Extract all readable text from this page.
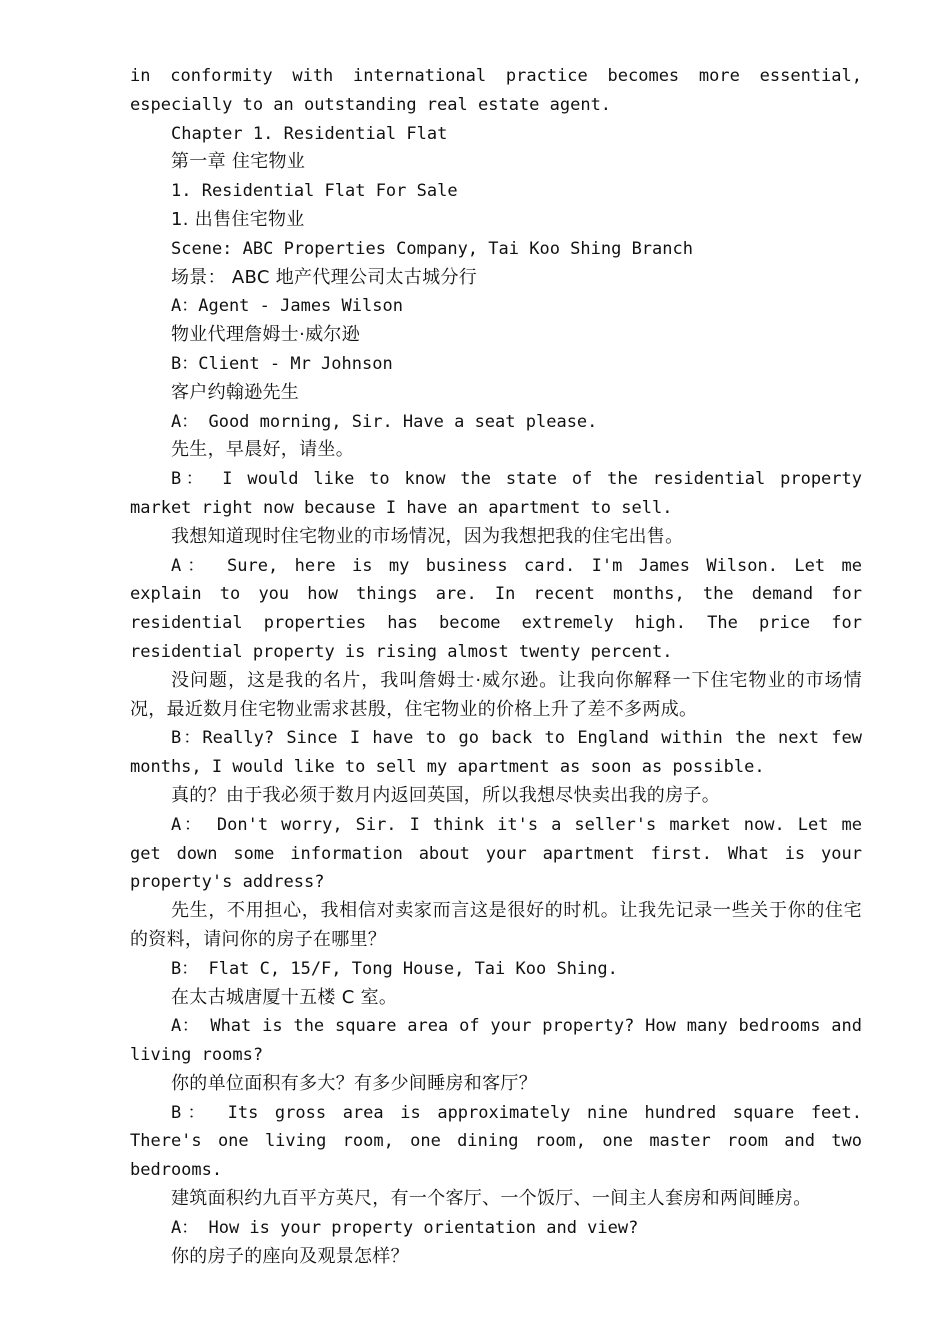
in conformity with international practice becomes more essential, especially to an outstanding real estate agent.

Chapter 1. Residential Flat

第一章 住宅物业

1. Residential Flat For Sale

1. 出售住宅物业

Scene: ABC Properties Company, Tai Koo Shing Branch

场景： ABC 地产代理公司太古城分行

A：Agent - James Wilson

物业代理詹姆士·威尔逊

B：Client - Mr Johnson

客户约翰逊先生

A： Good morning, Sir. Have a seat please.

先生，早晨好，请坐。

B： I would like to know the state of the residential property market right now because I have an apartment to sell.

我想知道现时住宅物业的市场情况，因为我想把我的住宅出售。

A： Sure, here is my business card. I'm James Wilson. Let me explain to you how things are. In recent months, the demand for residential properties has become extremely high. The price for residential property is rising almost twenty percent.

没问题，这是我的名片，我叫詹姆士·威尔逊。让我向你解释一下住宅物业的市场情况，最近数月住宅物业需求甚殷，住宅物业的价格上升了差不多两成。

B：Really? Since I have to go back to England within the next few months, I would like to sell my apartment as soon as possible.

真的？由于我必须于数月内返回英国，所以我想尽快卖出我的房子。

A： Don't worry, Sir. I think it's a seller's market now. Let me get down some information about your apartment first. What is your property's address?

先生，不用担心，我相信对卖家而言这是很好的时机。让我先记录一些关于你的住宅的资料，请问你的房子在哪里？

B： Flat C, 15/F, Tong House, Tai Koo Shing.

在太古城唐厦十五楼 C 室。

A： What is the square area of your property? How many bedrooms and living rooms?

你的单位面积有多大？有多少间睡房和客厅？

B： Its gross area is approximately nine hundred square feet. There's one living room, one dining room, one master room and two bedrooms.

建筑面积约九百平方英尺，有一个客厅、一个饭厅、一间主人套房和两间睡房。

A： How is your property orientation and view?

你的房子的座向及观景怎样？
